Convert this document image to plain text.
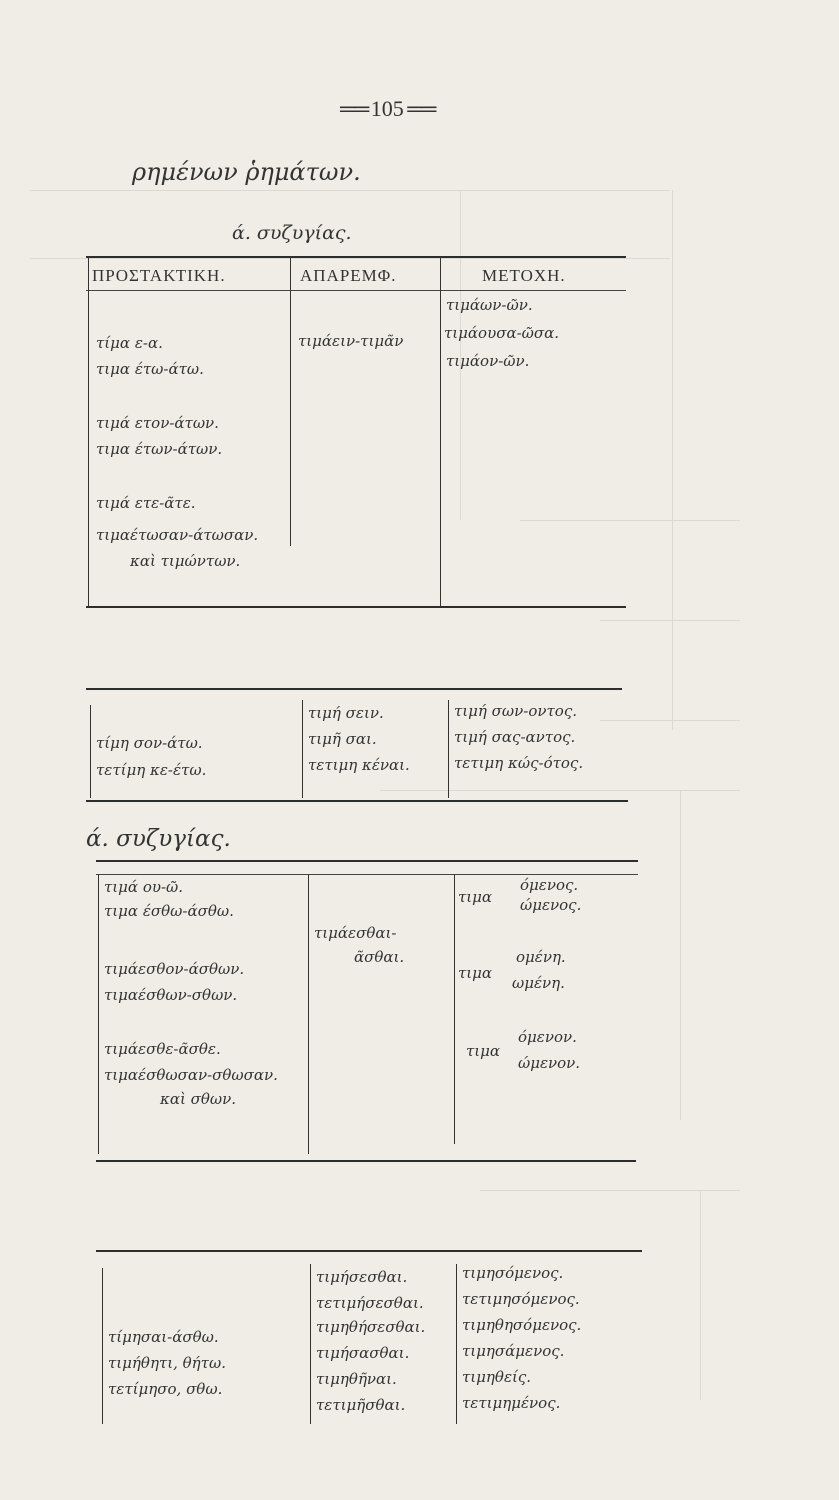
══ 105 ══
ρημένων ῥημάτων.
ά. συζυγίας.
ΠΡΟΣΤΑΚΤΙΚΗ.	ΑΠΑΡΕΜΦ.	ΜΕΤΟΧΗ.
τίμα ε-α.
τιμα έτω-άτω.
τιμά ετον-άτων.
τιμα έτων-άτων.
τιμά ετε-ᾶτε.
τιμαέτωσαν-άτωσαν.
καὶ τιμώντων.
τιμάειν-τιμᾶν
τιμάων-ῶν.
τιμάουσα-ῶσα.
τιμάον-ῶν.
τίμη σον-άτω.
τετίμη κε-έτω.
τιμή σειν.
τιμῆ σαι.
τετιμη κέναι.
τιμή σων-οντος.
τιμή σας-αντος.
τετιμη κώς-ότος.
ά. συζυγίας.
τιμά ου-ῶ.
τιμα έσθω-άσθω.
τιμάεσθον-άσθων.
τιμαέσθων-σθων.
τιμάεσθε-ᾶσθε.
τιμαέσθωσαν-σθωσαν.
καὶ σθων.
τιμάεσθαι-
ᾶσθαι.
τιμα
όμενος.
ώμενος.
τιμα
ομένη.
ωμένη.
τιμα
όμενον.
ώμενον.
τίμησαι-άσθω.
τιμήθητι, θήτω.
τετίμησο, σθω.
τιμήσεσθαι.
τετιμήσεσθαι.
τιμηθήσεσθαι.
τιμήσασθαι.
τιμηθῆναι.
τετιμῆσθαι.
τιμησόμενος.
τετιμησόμενος.
τιμηθησόμενος.
τιμησάμενος.
τιμηθείς.
τετιμημένος.
